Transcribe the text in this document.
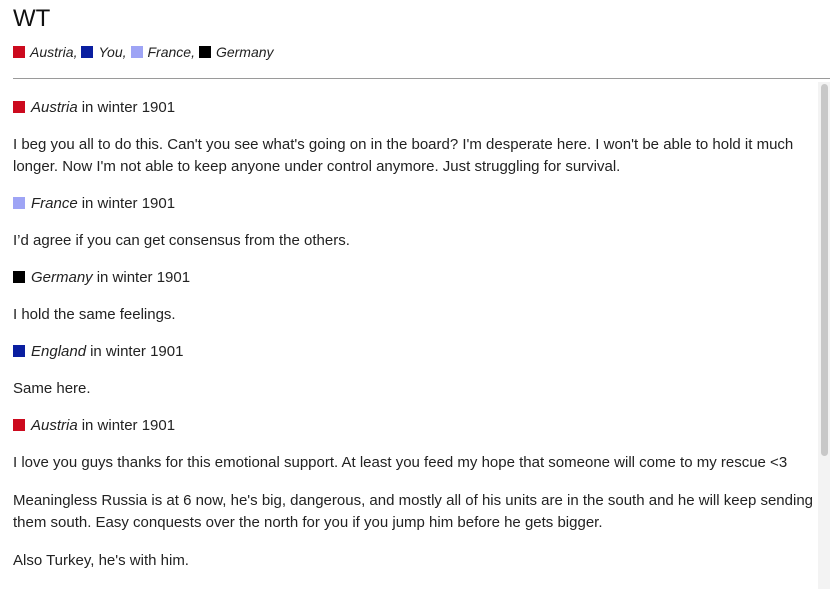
WT
Austria , You , France , Germany
Austria in winter 1901

I beg you all to do this. Can't you see what's going on in the board? I'm desperate here. I won't be able to hold it much longer. Now I'm not able to keep anyone under control anymore. Just struggling for survival.

France in winter 1901

I’d agree if you can get consensus from the others.

Germany in winter 1901

I hold the same feelings.

England in winter 1901

Same here.

Austria in winter 1901

I love you guys thanks for this emotional support. At least you feed my hope that someone will come to my rescue <3

Meaningless Russia is at 6 now, he's big, dangerous, and mostly all of his units are in the south and he will keep sending them south. Easy conquests over the north for you if you jump him before he gets bigger.

Also Turkey, he's with him.
